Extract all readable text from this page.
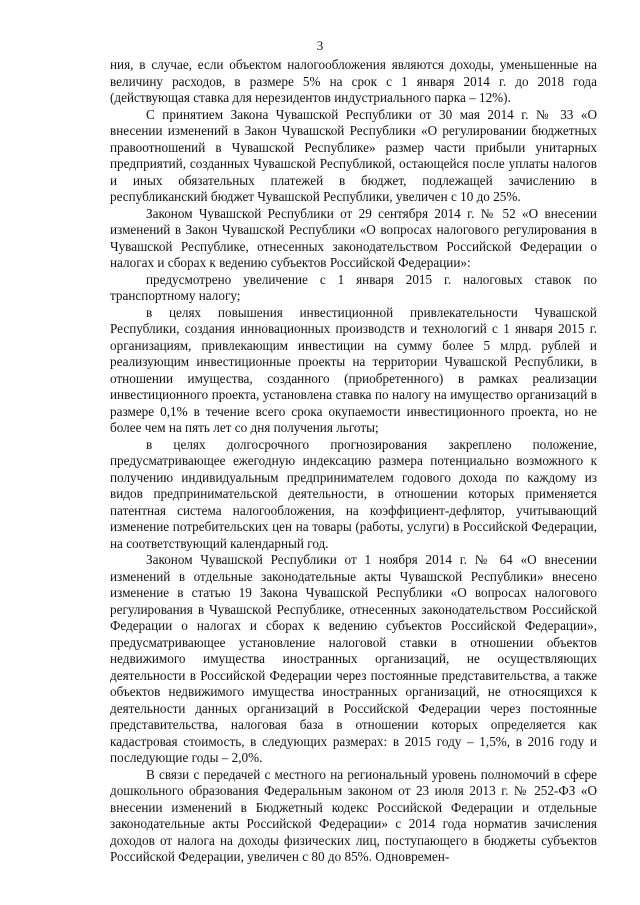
3

ния, в случае, если объектом налогообложения являются доходы, уменьшенные на величину расходов, в размере 5% на срок с 1 января 2014 г. до 2018 года (действующая ставка для нерезидентов индустриального парка – 12%).

С принятием Закона Чувашской Республики от 30 мая 2014 г. № 33 «О внесении изменений в Закон Чувашской Республики «О регулировании бюджетных правоотношений в Чувашской Республике» размер части прибыли унитарных предприятий, созданных Чувашской Республикой, остающейся после уплаты налогов и иных обязательных платежей в бюджет, подлежащей зачислению в республиканский бюджет Чувашской Республики, увеличен с 10 до 25%.

Законом Чувашской Республики от 29 сентября 2014 г. № 52 «О внесении изменений в Закон Чувашской Республики «О вопросах налогового регулирования в Чувашской Республике, отнесенных законодательством Российской Федерации о налогах и сборах к ведению субъектов Российской Федерации»:

предусмотрено увеличение с 1 января 2015 г. налоговых ставок по транспортному налогу;

в целях повышения инвестиционной привлекательности Чувашской Республики, создания инновационных производств и технологий с 1 января 2015 г. организациям, привлекающим инвестиции на сумму более 5 млрд. рублей и реализующим инвестиционные проекты на территории Чувашской Республики, в отношении имущества, созданного (приобретенного) в рамках реализации инвестиционного проекта, установлена ставка по налогу на имущество организаций в размере 0,1% в течение всего срока окупаемости инвестиционного проекта, но не более чем на пять лет со дня получения льготы;

в целях долгосрочного прогнозирования закреплено положение, предусматривающее ежегодную индексацию размера потенциально возможного к получению индивидуальным предпринимателем годового дохода по каждому из видов предпринимательской деятельности, в отношении которых применяется патентная система налогообложения, на коэффициент-дефлятор, учитывающий изменение потребительских цен на товары (работы, услуги) в Российской Федерации, на соответствующий календарный год.

Законом Чувашской Республики от 1 ноября 2014 г. № 64 «О внесении изменений в отдельные законодательные акты Чувашской Республики» внесено изменение в статью 19 Закона Чувашской Республики «О вопросах налогового регулирования в Чувашской Республике, отнесенных законодательством Российской Федерации о налогах и сборах к ведению субъектов Российской Федерации», предусматривающее установление налоговой ставки в отношении объектов недвижимого имущества иностранных организаций, не осуществляющих деятельности в Российской Федерации через постоянные представительства, а также объектов недвижимого имущества иностранных организаций, не относящихся к деятельности данных организаций в Российской Федерации через постоянные представительства, налоговая база в отношении которых определяется как кадастровая стоимость, в следующих размерах: в 2015 году – 1,5%, в 2016 году и последующие годы – 2,0%.

В связи с передачей с местного на региональный уровень полномочий в сфере дошкольного образования Федеральным законом от 23 июля 2013 г. № 252-ФЗ «О внесении изменений в Бюджетный кодекс Российской Федерации и отдельные законодательные акты Российской Федерации» с 2014 года норматив зачисления доходов от налога на доходы физических лиц, поступающего в бюджеты субъектов Российской Федерации, увеличен с 80 до 85%. Одновремен-
